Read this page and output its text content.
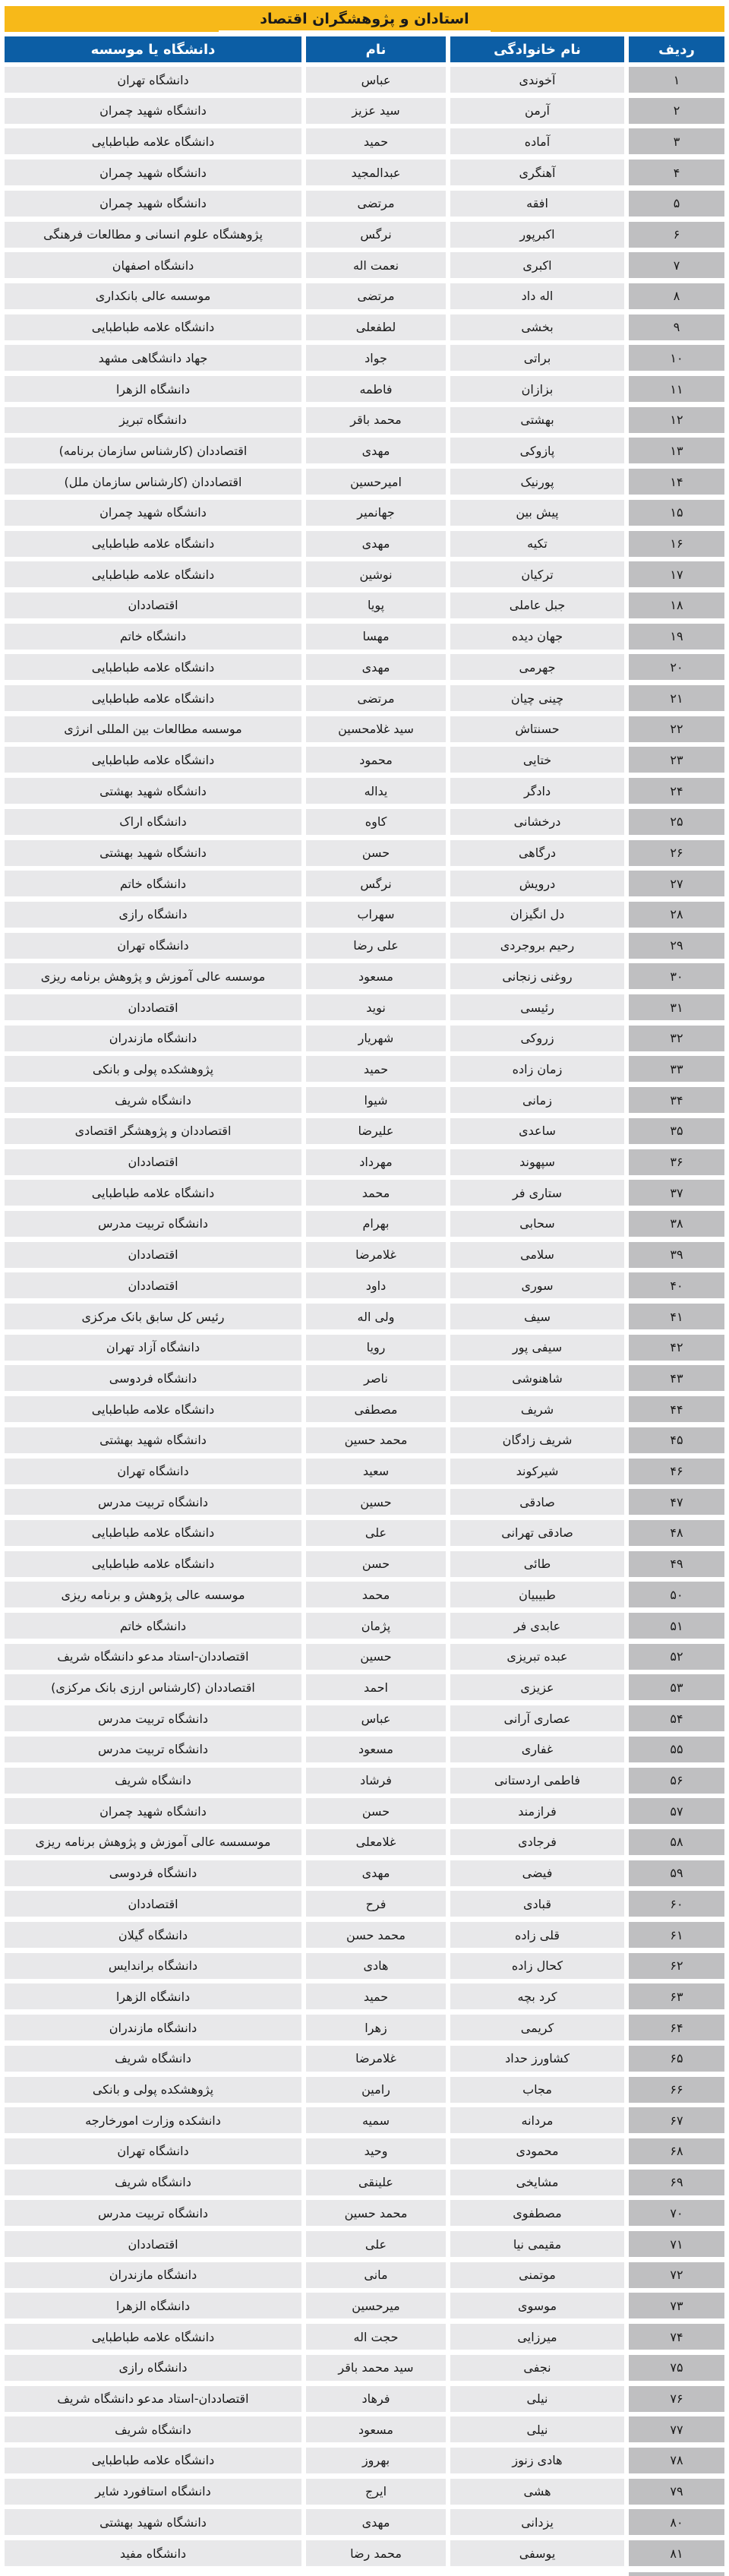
استادان و پژوهشگران اقتصاد
دانشگاه یا موسسه	نام	نام خانوادگی	ردیف
دانشگاه تهران	عباس	آخوندی	۱
دانشگاه شهید چمران	سید عزیز	آرمن	۲
دانشگاه علامه طباطبایی	حمید	آماده	۳
دانشگاه شهید چمران	عبدالمجید	آهنگری	۴
دانشگاه شهید چمران	مرتضی	افقه	۵
پژوهشگاه علوم انسانی و مطالعات فرهنگی	نرگس	اکبرپور	۶
دانشگاه اصفهان	نعمت اله	اکبری	۷
موسسه عالی بانکداری	مرتضی	اله داد	۸
دانشگاه علامه طباطبایی	لطفعلی	بخشی	۹
جهاد دانشگاهی مشهد	جواد	براتی	۱۰
دانشگاه الزهرا	فاطمه	بزازان	۱۱
دانشگاه تبریز	محمد باقر	بهشتی	۱۲
اقتصاددان (کارشناس سازمان برنامه)	مهدی	پازوکی	۱۳
اقتصاددان (کارشناس سازمان ملل)	امیرحسین	پورنیک	۱۴
دانشگاه شهید چمران	جهانمیر	پیش بین	۱۵
دانشگاه علامه طباطبایی	مهدی	تکیه	۱۶
دانشگاه علامه طباطبایی	نوشین	ترکیان	۱۷
اقتصاددان	پویا	جبل عاملی	۱۸
دانشگاه خاتم	مهسا	جهان دیده	۱۹
دانشگاه علامه طباطبایی	مهدی	جهرمی	۲۰
دانشگاه علامه طباطبایی	مرتضی	چینی چیان	۲۱
موسسه مطالعات بین المللی انرژی	سید غلامحسین	حسنتاش	۲۲
دانشگاه علامه طباطبایی	محمود	ختایی	۲۳
دانشگاه شهید بهشتی	یداله	دادگر	۲۴
دانشگاه اراک	کاوه	درخشانی	۲۵
دانشگاه شهید بهشتی	حسن	درگاهی	۲۶
دانشگاه خاتم	نرگس	درویش	۲۷
دانشگاه رازی	سهراب	دل انگیزان	۲۸
دانشگاه تهران	علی رضا	رحیم بروجردی	۲۹
موسسه عالی آموزش و پژوهش برنامه ریزی	مسعود	روغنی زنجانی	۳۰
اقتصاددان	نوید	رئیسی	۳۱
دانشگاه مازندران	شهریار	زروکی	۳۲
پژوهشکده پولی و بانکی	حمید	زمان زاده	۳۳
دانشگاه شریف	شیوا	زمانی	۳۴
اقتصاددان و پژوهشگر اقتصادی	علیرضا	ساعدی	۳۵
اقتصاددان	مهرداد	سپهوند	۳۶
دانشگاه علامه طباطبایی	محمد	ستاری فر	۳۷
دانشگاه تربیت مدرس	بهرام	سحابی	۳۸
اقتصاددان	غلامرضا	سلامی	۳۹
اقتصاددان	داود	سوری	۴۰
رئیس کل سابق بانک مرکزی	ولی اله	سیف	۴۱
دانشگاه آزاد تهران	رویا	سیفی پور	۴۲
دانشگاه فردوسی	ناصر	شاهنوشی	۴۳
دانشگاه علامه طباطبایی	مصطفی	شریف	۴۴
دانشگاه شهید بهشتی	محمد حسین	شریف زادگان	۴۵
دانشگاه تهران	سعید	شیرکوند	۴۶
دانشگاه تربیت مدرس	حسین	صادقی	۴۷
دانشگاه علامه طباطبایی	علی	صادقی تهرانی	۴۸
دانشگاه علامه طباطبایی	حسن	طائی	۴۹
موسسه عالی پژوهش و برنامه ریزی	محمد	طبیبیان	۵۰
دانشگاه خاتم	پژمان	عابدی فر	۵۱
اقتصاددان-استاد مدعو دانشگاه شریف	حسین	عبده تبریزی	۵۲
اقتصاددان (کارشناس ارزی بانک مرکزی)	احمد	عزیزی	۵۳
دانشگاه تربیت مدرس	عباس	عصاری آرانی	۵۴
دانشگاه تربیت مدرس	مسعود	غفاری	۵۵
دانشگاه شریف	فرشاد	فاطمی اردستانی	۵۶
دانشگاه شهید چمران	حسن	فرازمند	۵۷
موسسسه عالی آموزش و پژوهش برنامه ریزی	غلامعلی	فرجادی	۵۸
دانشگاه فردوسی	مهدی	فیضی	۵۹
اقتصاددان	فرح	قبادی	۶۰
دانشگاه گیلان	محمد حسن	قلی زاده	۶۱
دانشگاه براندایس	هادی	کحال زاده	۶۲
دانشگاه الزهرا	حمید	کرد بچه	۶۳
دانشگاه مازندران	زهرا	کریمی	۶۴
دانشگاه شریف	غلامرضا	کشاورز حداد	۶۵
پژوهشکده پولی و بانکی	رامین	مجاب	۶۶
دانشکده وزارت امورخارجه	سمیه	مردانه	۶۷
دانشگاه تهران	وحید	محمودی	۶۸
دانشگاه شریف	علینقی	مشایخی	۶۹
دانشگاه تربیت مدرس	محمد حسین	مصطفوی	۷۰
اقتصاددان	علی	مقیمی نیا	۷۱
دانشگاه مازندران	مانی	موتمنی	۷۲
دانشگاه الزهرا	میرحسین	موسوی	۷۳
دانشگاه علامه طباطبایی	حجت اله	میرزایی	۷۴
دانشگاه رازی	سید محمد باقر	نجفی	۷۵
اقتصاددان-استاد مدعو دانشگاه شریف	فرهاد	نیلی	۷۶
دانشگاه شریف	مسعود	نیلی	۷۷
دانشگاه علامه طباطبایی	بهروز	هادی زنوز	۷۸
دانشگاه استافورد شایر	ایرج	هشی	۷۹
دانشگاه شهید بهشتی	مهدی	یزدانی	۸۰
دانشگاه مفید	محمد رضا	یوسفی	۸۱
